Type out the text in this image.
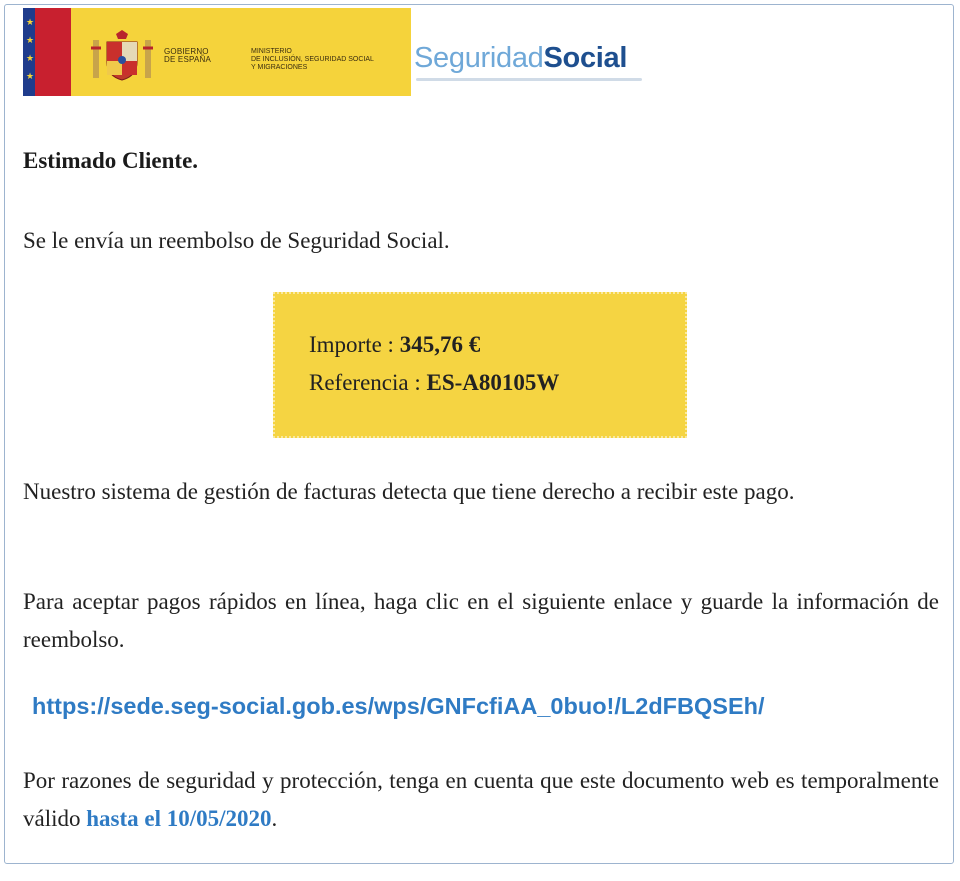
★
★
★
★
GOBIERNO
DE ESPAÑA
MINISTERIO
DE INCLUSIÓN, SEGURIDAD SOCIAL
Y MIGRACIONES	SeguridadSocial
Estimado Cliente.
Se le envía un reembolso de Seguridad Social.
Importe : 345,76 €
Referencia : ES-A80105W
Nuestro sistema de gestión de facturas detecta que tiene derecho a recibir este pago.
Para aceptar pagos rápidos en línea, haga clic en el siguiente enlace y guarde la información de reembolso.
https://sede.seg-social.gob.es/wps/GNFcfiAA_0buo!/L2dFBQSEh/
Por razones de seguridad y protección, tenga en cuenta que este documento web es temporalmente válido hasta el 10/05/2020.
